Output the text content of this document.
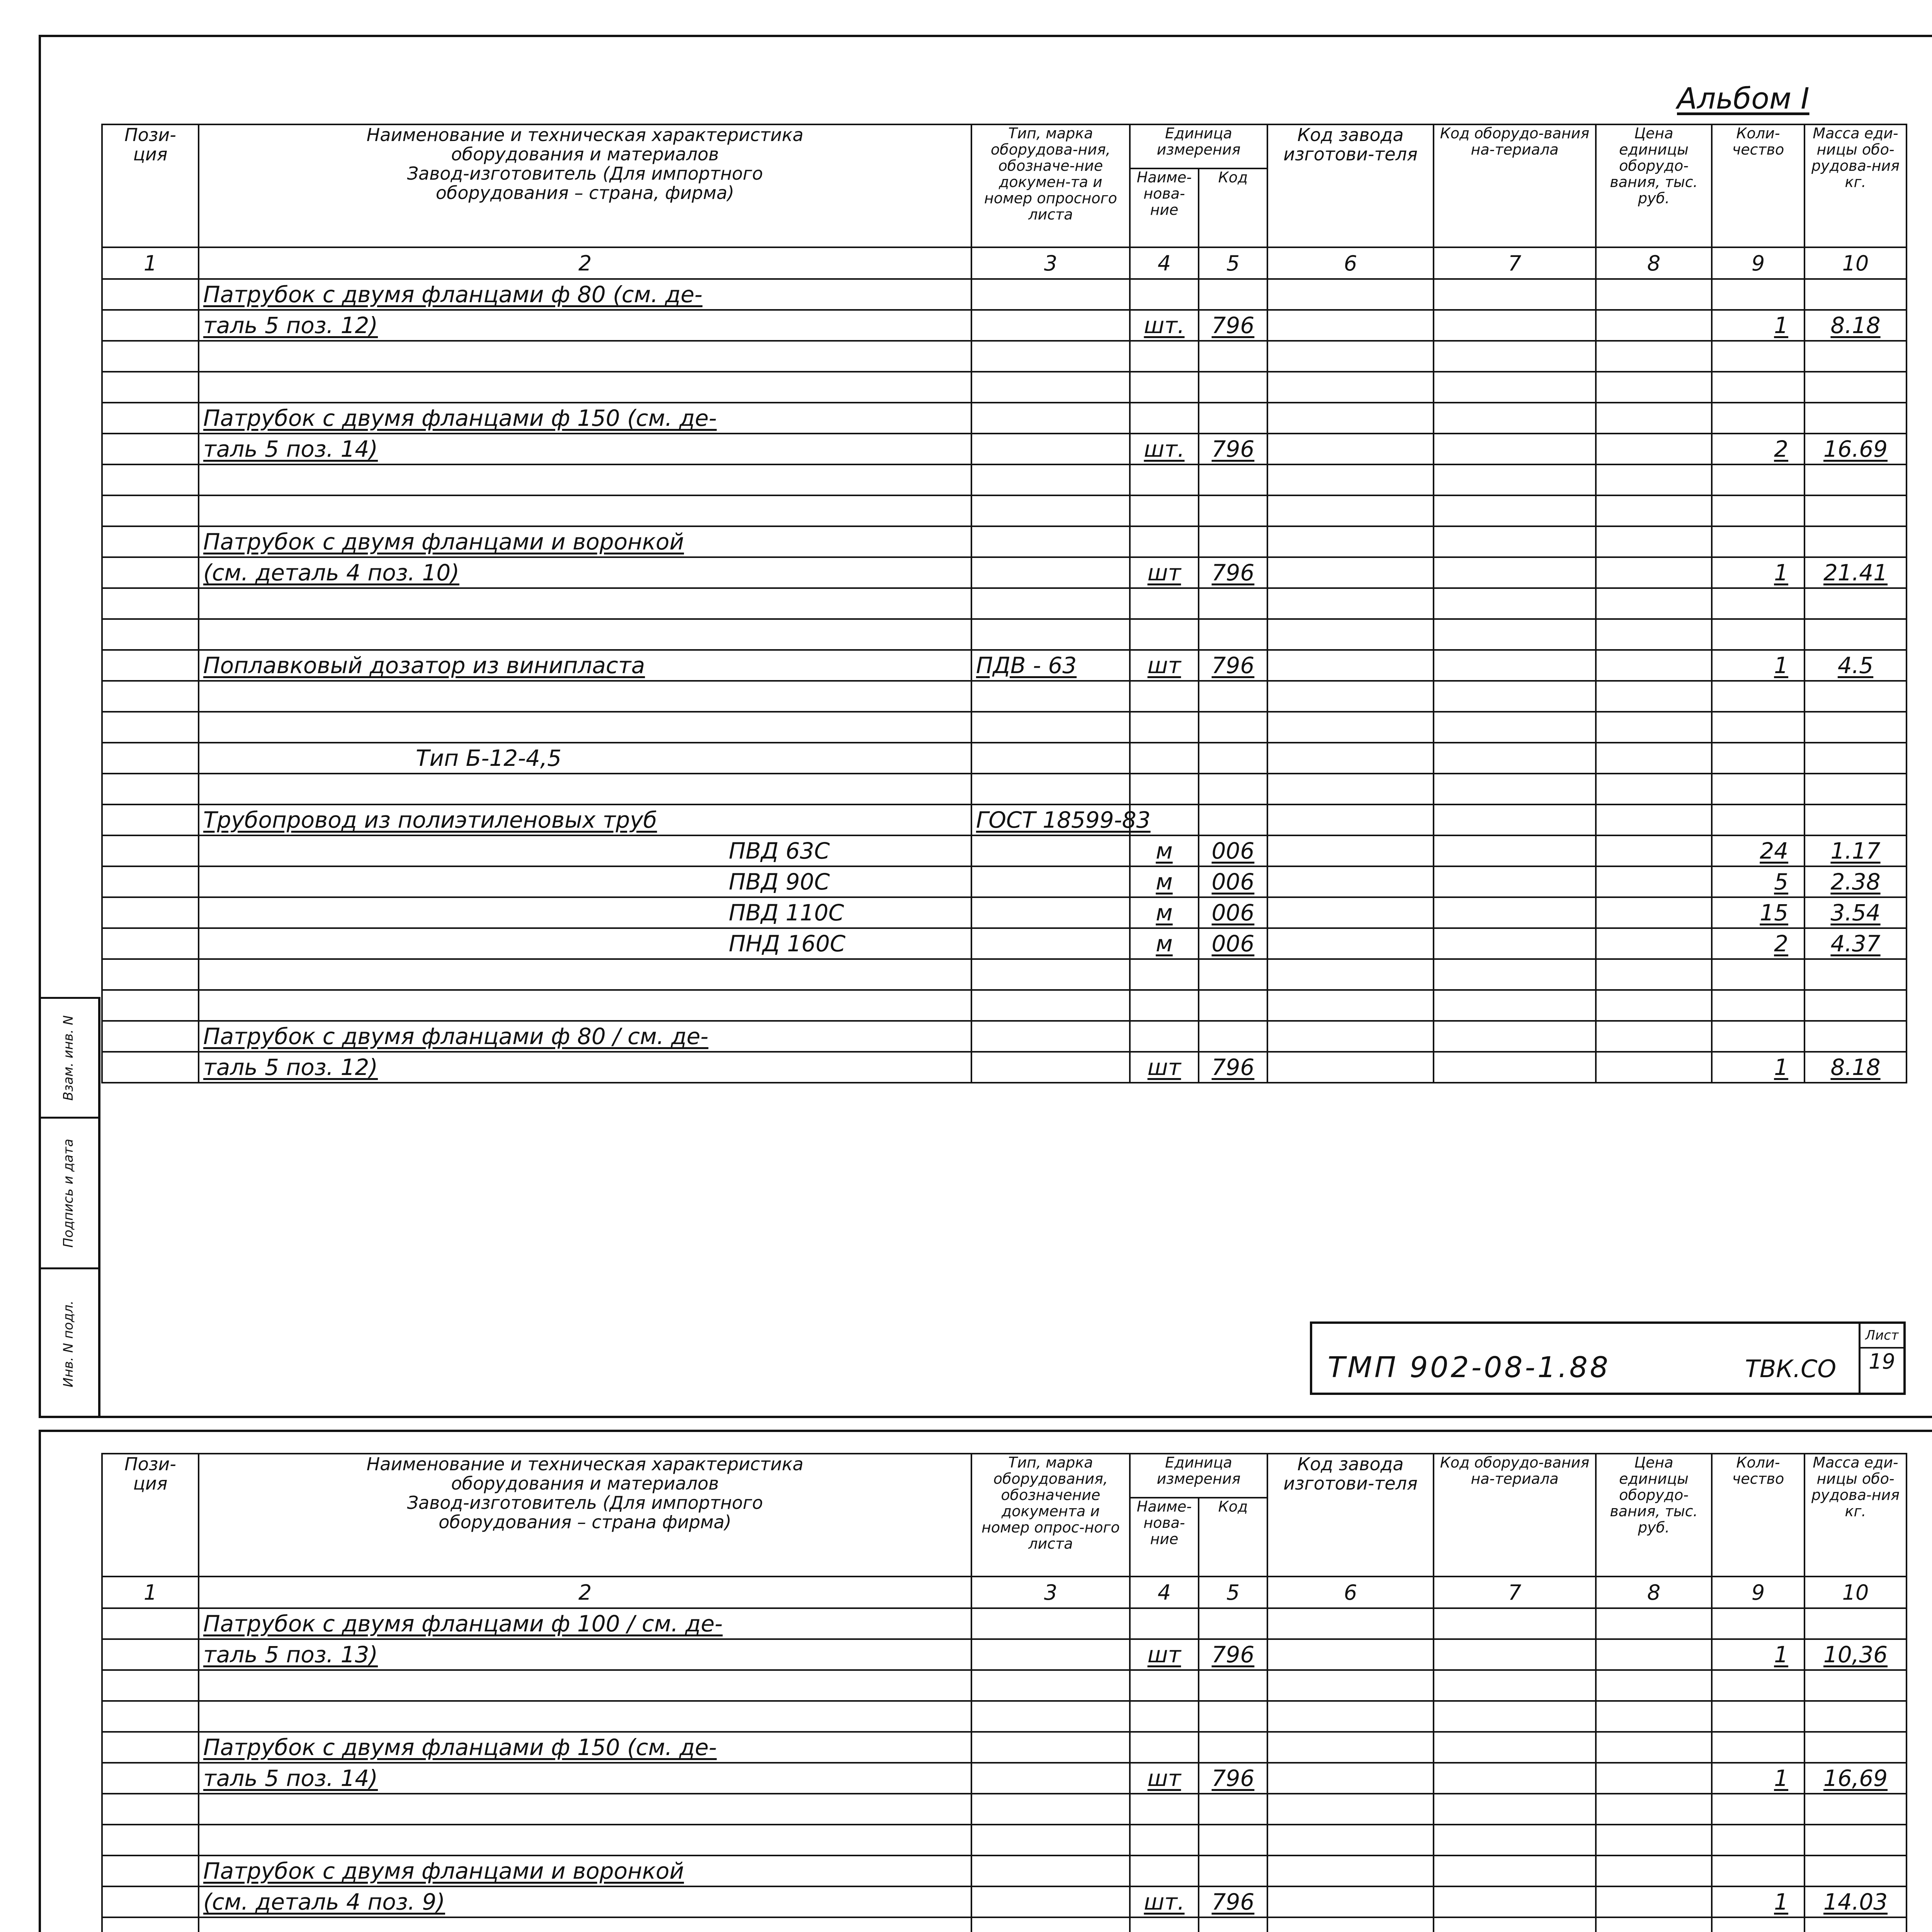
Альбом I
Инв. N подл.
Подпись и дата
Взам. инв. N
Пози-
ция	Наименование и техническая характеристика
оборудования и материалов
Завод-изготовитель (Для импортного
оборудования – страна, фирма)	Тип, марка оборудова-ния, обозначе-ние докумен-та и номер опросного листа	Единица измерения		Код завода изготови-теля	Код оборудо-вания на-териала	Цена единицы оборудо-вания, тыс. руб.	Коли-чество	Масса еди-ницы обо-рудова-ния кг.
			Наиме-нова-ние	Код					
1	2	3	4	5	6	7	8	9	10
	Патрубок с двумя фланцами ф 80 (см. де-								
	таль 5 поз. 12)		шт.	796				1	8.18

	Патрубок с двумя фланцами ф 150 (см. де-								
	таль 5 поз. 14)		шт.	796				2	16.69

	Патрубок с двумя фланцами и воронкой								
	(см. деталь 4 поз. 10)		шт	796				1	21.41

	Поплавковый дозатор из винипласта	ПДВ - 63	шт	796				1	4.5

	Тип Б-12-4,5								

	Трубопровод из полиэтиленовых труб	ГОСТ 18599-83							
	ПВД 63С		м	006				24	1.17
	ПВД 90С		м	006				5	2.38
	ПВД 110С		м	006				15	3.54
	ПНД 160С		м	006				2	4.37

	Патрубок с двумя фланцами ф 80 / см. де-								
	таль 5 поз. 12)		шт	796				1	8.18
ТМП 902-08-1.88	ТВК.СО
Лист
19
Пози-
ция	Наименование и техническая характеристика
оборудования и материалов
Завод-изготовитель (Для импортного
оборудования – страна фирма)	Тип, марка оборудования, обозначение документа и номер опрос-ного листа	Единица измерения		Код завода изготови-теля	Код оборудо-вания на-териала	Цена единицы оборудо-вания, тыс. руб.	Коли-чество	Масса еди-ницы обо-рудова-ния кг.
			Наиме-нова-ние	Код					
1	2	3	4	5	6	7	8	9	10
	Патрубок с двумя фланцами ф 100 / см. де-								
	таль 5 поз. 13)		шт	796				1	10,36

	Патрубок с двумя фланцами ф 150 (см. де-								
	таль 5 поз. 14)		шт	796				1	16,69

	Патрубок с двумя фланцами и воронкой								
	(см. деталь 4 поз. 9)		шт.	796				1	14.03
